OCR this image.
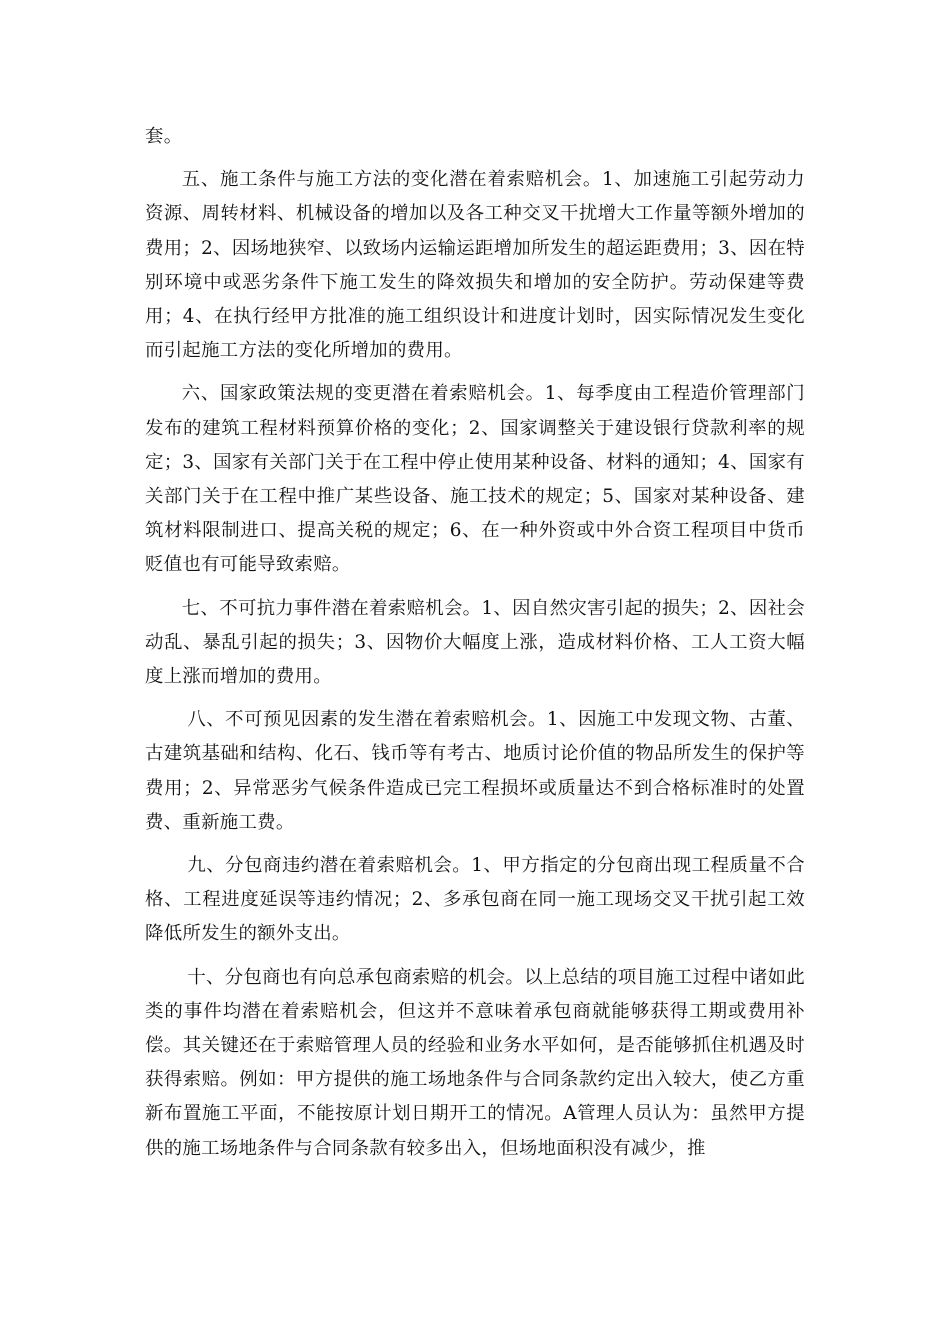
套。

五、施工条件与施工方法的变化潜在着索赔机会。1、加速施工引起劳动力资源、周转材料、机械设备的增加以及各工种交叉干扰增大工作量等额外增加的费用；2、因场地狭窄、以致场内运输运距增加所发生的超运距费用；3、因在特别环境中或恶劣条件下施工发生的降效损失和增加的安全防护。劳动保建等费用；4、在执行经甲方批准的施工组织设计和进度计划时，因实际情况发生变化而引起施工方法的变化所增加的费用。

六、国家政策法规的变更潜在着索赔机会。1、每季度由工程造价管理部门发布的建筑工程材料预算价格的变化；2、国家调整关于建设银行贷款利率的规定；3、国家有关部门关于在工程中停止使用某种设备、材料的通知；4、国家有关部门关于在工程中推广某些设备、施工技术的规定；5、国家对某种设备、建筑材料限制进口、提高关税的规定；6、在一种外资或中外合资工程项目中货币贬值也有可能导致索赔。

七、不可抗力事件潜在着索赔机会。1、因自然灾害引起的损失；2、因社会动乱、暴乱引起的损失；3、因物价大幅度上涨，造成材料价格、工人工资大幅度上涨而增加的费用。

八、不可预见因素的发生潜在着索赔机会。1、因施工中发现文物、古董、古建筑基础和结构、化石、钱币等有考古、地质讨论价值的物品所发生的保护等费用；2、异常恶劣气候条件造成已完工程损坏或质量达不到合格标准时的处置费、重新施工费。

九、分包商违约潜在着索赔机会。1、甲方指定的分包商出现工程质量不合格、工程进度延误等违约情况；2、多承包商在同一施工现场交叉干扰引起工效降低所发生的额外支出。

十、分包商也有向总承包商索赔的机会。以上总结的项目施工过程中诸如此类的事件均潜在着索赔机会，但这并不意味着承包商就能够获得工期或费用补偿。其关键还在于索赔管理人员的经验和业务水平如何，是否能够抓住机遇及时获得索赔。例如：甲方提供的施工场地条件与合同条款约定出入较大，使乙方重新布置施工平面，不能按原计划日期开工的情况。A管理人员认为：虽然甲方提供的施工场地条件与合同条款有较多出入，但场地面积没有减少，推
